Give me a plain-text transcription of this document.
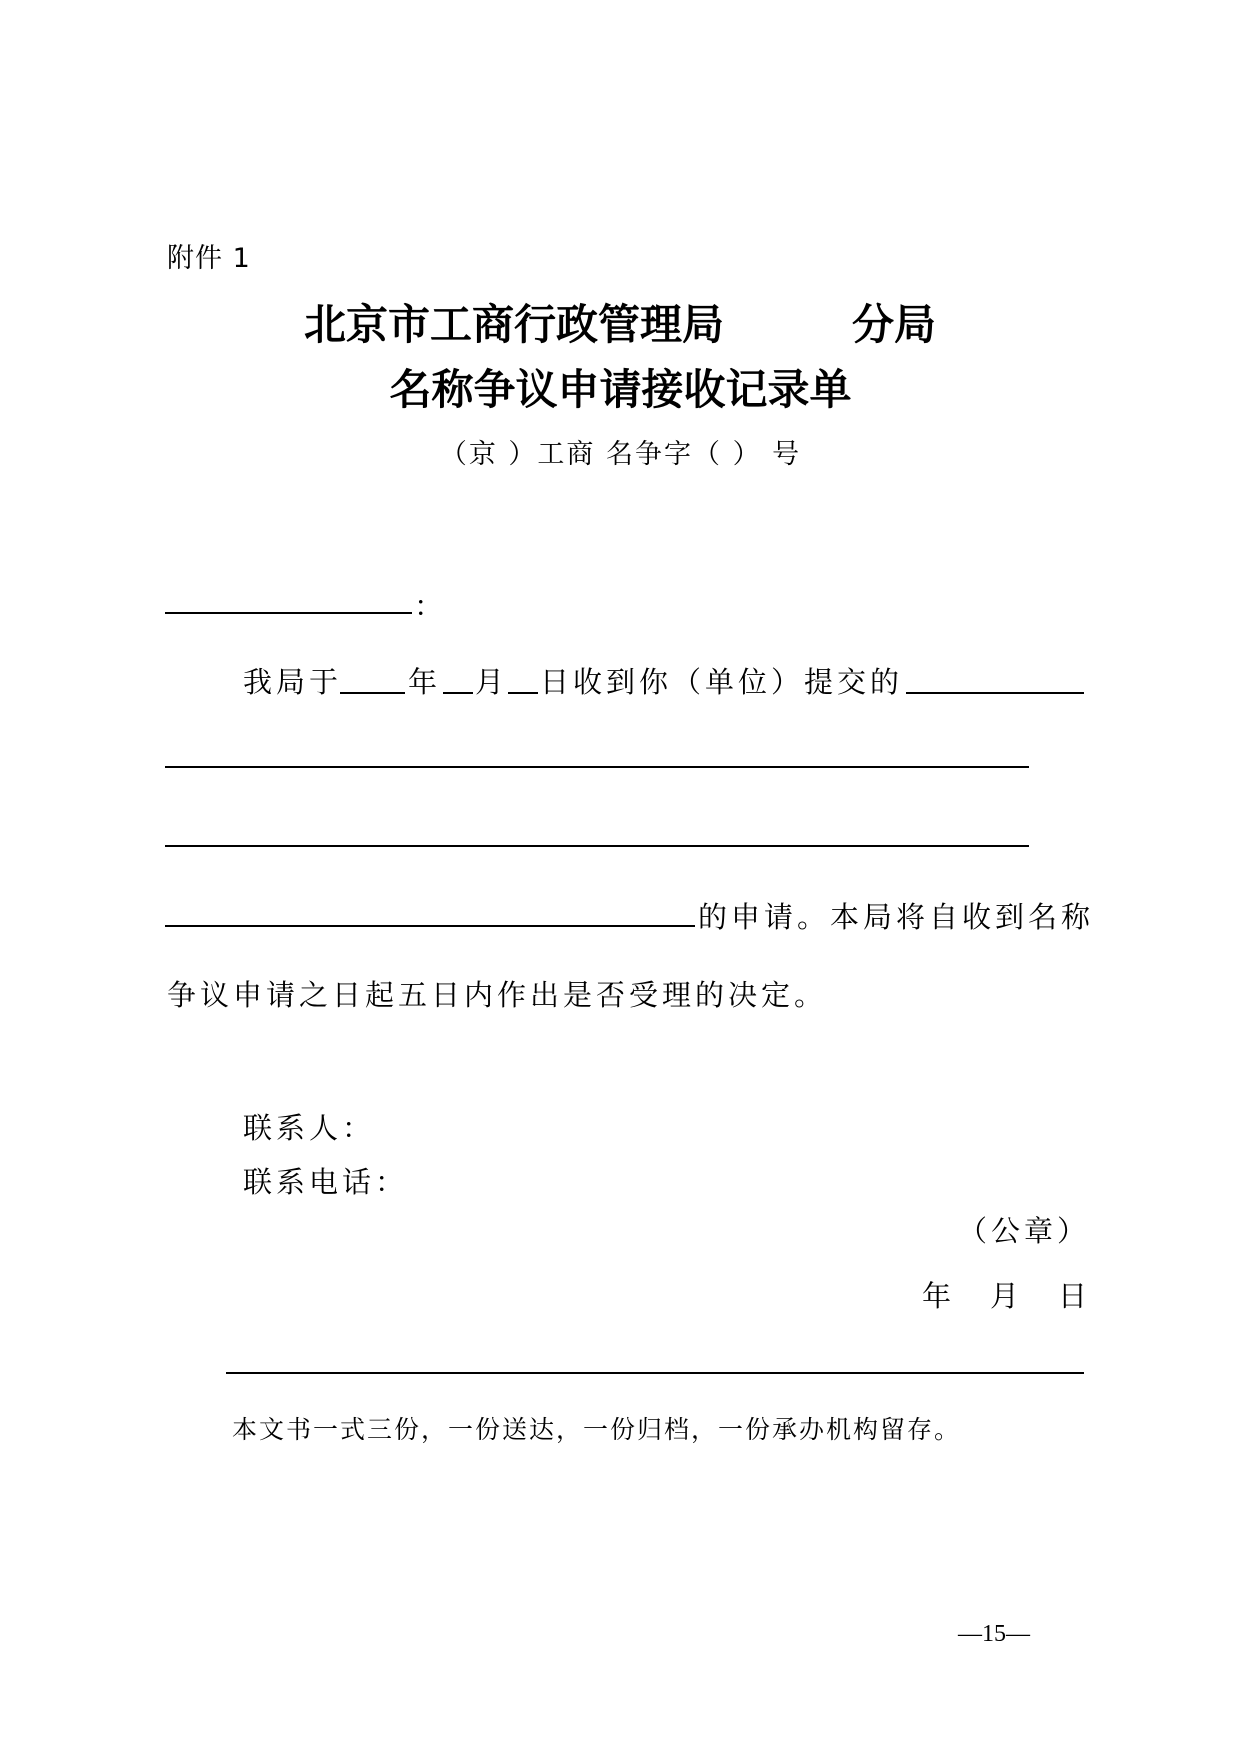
附件 1
北京市工商行政管理局	分局
名称争议申请接收记录单
（京 ）工商 名争字（ ） 号
：
我局于 年 月 日收到你（单位）提交的
的申请。本局将自收到名称
争议申请之日起五日内作出是否受理的决定。
联系人：
联系电话：
（公章）
年 月 日
本文书一式三份，一份送达，一份归档，一份承办机构留存。
—15—
